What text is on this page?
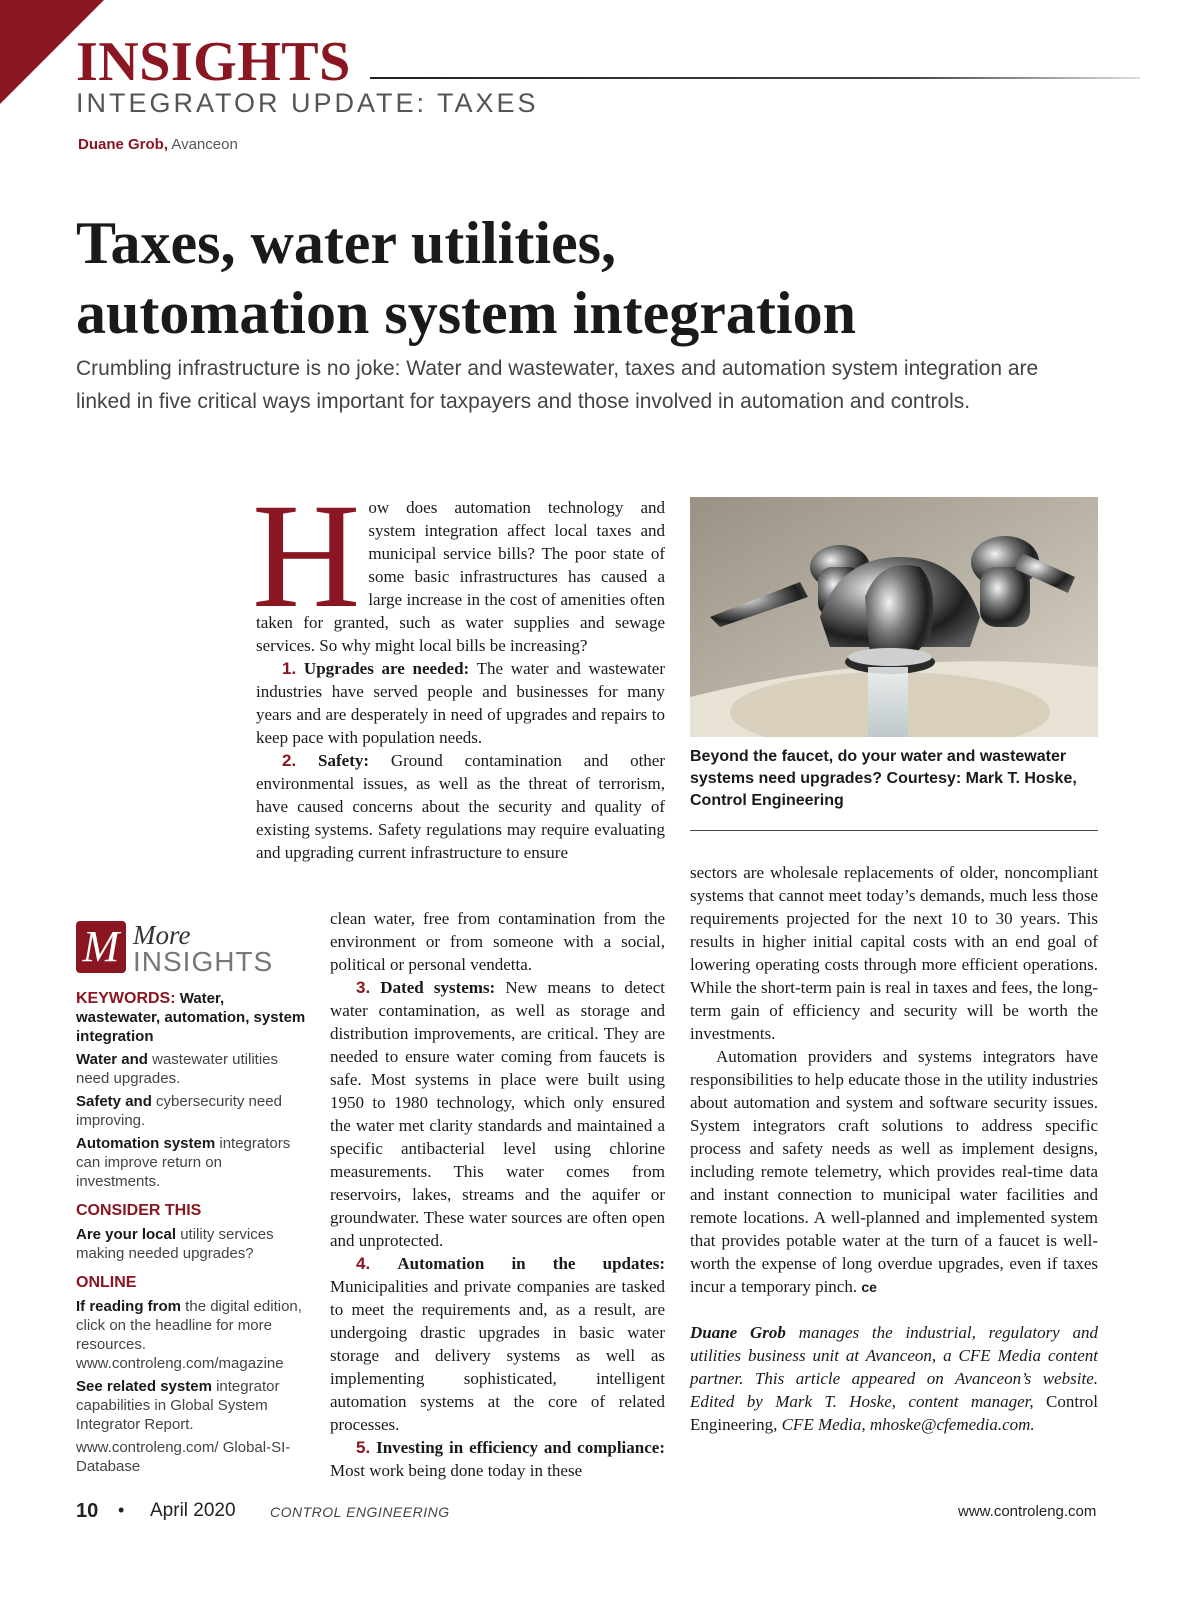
INSIGHTS
INTEGRATOR UPDATE: TAXES
Duane Grob, Avanceon
Taxes, water utilities,
automation system integration

Crumbling infrastructure is no joke: Water and wastewater, taxes and automation system integration are linked in five critical ways important for taxpayers and those involved in automation and controls.

How does automation technology and system integration affect local taxes and municipal service bills? The poor state of some basic infrastructures has caused a large increase in the cost of amenities often taken for granted, such as water supplies and sewage services. So why might local bills be increasing?

1. Upgrades are needed: The water and wastewater industries have served people and businesses for many years and are desperately in need of upgrades and repairs to keep pace with population needs.

2. Safety: Ground contamination and other environmental issues, as well as the threat of terrorism, have caused concerns about the security and quality of existing systems. Safety regulations may require evaluating and upgrading current infrastructure to ensure

clean water, free from contamination from the environment or from someone with a social, political or personal vendetta.

3. Dated systems: New means to detect water contamination, as well as storage and distribution improvements, are critical. They are needed to ensure water coming from faucets is safe. Most systems in place were built using 1950 to 1980 technology, which only ensured the water met clarity standards and maintained a specific antibacterial level using chlorine measurements. This water comes from reservoirs, lakes, streams and the aquifer or groundwater. These water sources are often open and unprotected.

4. Automation in the updates: Municipalities and private companies are tasked to meet the requirements and, as a result, are undergoing drastic upgrades in basic water storage and delivery systems as well as implementing sophisticated, intelligent automation systems at the core of related processes.

5. Investing in efficiency and compliance: Most work being done today in these

Beyond the faucet, do your water and wastewater systems need upgrades? Courtesy: Mark T. Hoske, Control Engineering

sectors are wholesale replacements of older, noncompliant systems that cannot meet today’s demands, much less those requirements projected for the next 10 to 30 years. This results in higher initial capital costs with an end goal of lowering operating costs through more efficient operations. While the short-term pain is real in taxes and fees, the long-term gain of efficiency and security will be worth the investments.

Automation providers and systems integrators have responsibilities to help educate those in the utility industries about automation and system and software security issues. System integrators craft solutions to address specific process and safety needs as well as implement designs, including remote telemetry, which provides real-time data and instant connection to municipal water facilities and remote locations. A well-planned and implemented system that provides potable water at the turn of a faucet is well-worth the expense of long overdue upgrades, even if taxes incur a temporary pinch. ce

Duane Grob manages the industrial, regulatory and utilities business unit at Avanceon, a CFE Media content partner. This article appeared on Avanceon’s website. Edited by Mark T. Hoske, content manager, Control Engineering, CFE Media, mhoske@cfemedia.com.

M More
INSIGHTS

KEYWORDS: Water, wastewater, automation, system integration

Water and wastewater utilities need upgrades.

Safety and cybersecurity need improving.

Automation system integrators can improve return on investments.

CONSIDER THIS

Are your local utility services making needed upgrades?

ONLINE

If reading from the digital edition, click on the headline for more resources.
www.controleng.com/magazine

See related system integrator capabilities in Global System Integrator Report.

www.controleng.com/ Global-SI-Database

10 • April 2020 CONTROL ENGINEERING	www.controleng.com
